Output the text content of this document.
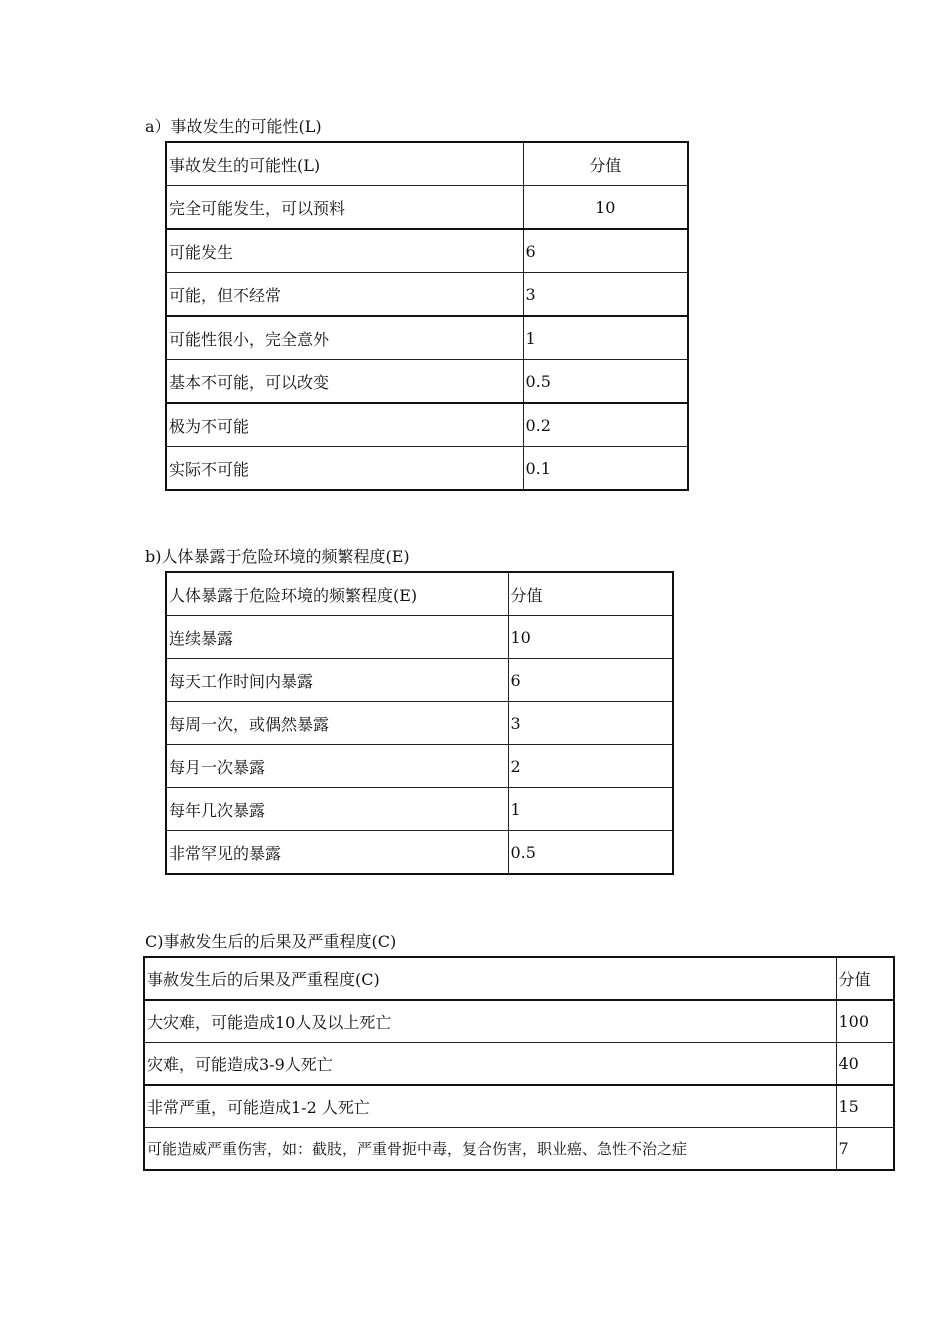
a）事故发生的可能性(L)
事故发生的可能性(L)	分值
完全可能发生，可以预料	10
可能发生	6
可能，但不经常	3
可能性很小，完全意外	1
基本不可能，可以改变	0.5
极为不可能	0.2
实际不可能	0.1
b)人体暴露于危险环境的频繁程度(E)
人体暴露于危险环境的频繁程度(E)	分值
连续暴露	10
每天工作时间内暴露	6
每周一次，或偶然暴露	3
每月一次暴露	2
每年几次暴露	1
非常罕见的暴露	0.5
C)事赦发生后的后果及严重程度(C)
事赦发生后的后果及严重程度(C)	分值
大灾难，可能造成10人及以上死亡	100
灾难，可能造成3-9人死亡	40
非常严重，可能造成1-2 人死亡	15
可能造威严重伤害，如：截肢，严重骨扼中毒，复合伤害，职业癌、急性不治之症	7
